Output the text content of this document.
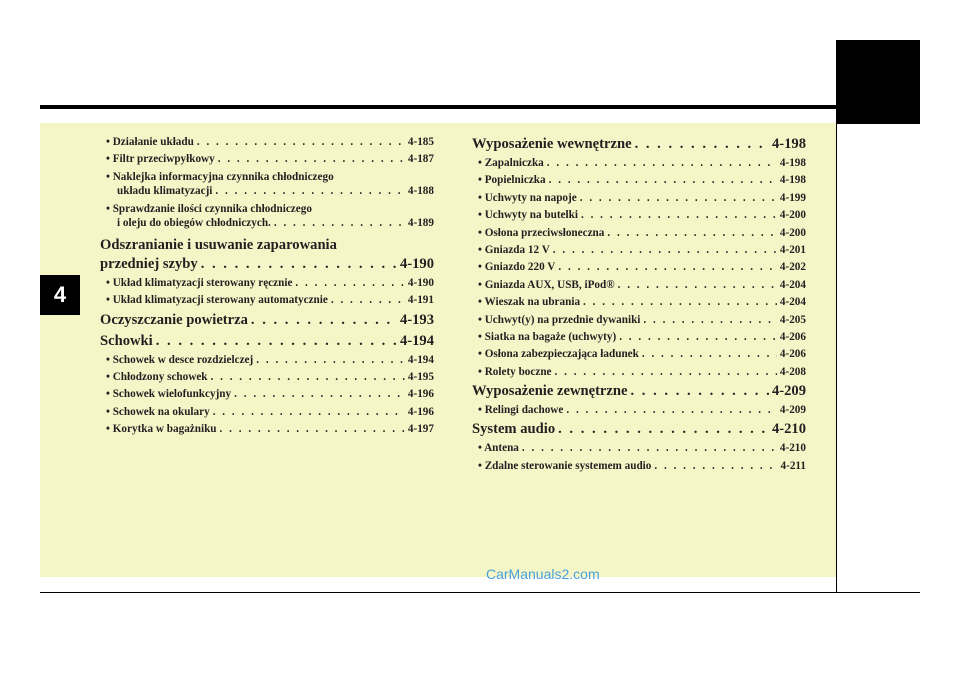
4
• Działanie układu . . .	4-185
• Filtr przeciwpyłkowy . . .	4-187
• Naklejka informacyjna czynnika chłodniczego
układu klimatyzacji . . .	4-188
• Sprawdzanie ilości czynnika chłodniczego
i oleju do obiegów chłodniczych. . . .	4-189
Odszranianie i usuwanie zaparowania
przedniej szyby . . .	4-190
• Układ klimatyzacji sterowany ręcznie . . .	4-190
• Układ klimatyzacji sterowany automatycznie . . .	4-191
Oczyszczanie powietrza . . .	4-193
Schowki . . .	4-194
• Schowek w desce rozdzielczej . . .	4-194
• Chłodzony schowek . . .	4-195
• Schowek wielofunkcyjny . . .	4-196
• Schowek na okulary . . .	4-196
• Korytka w bagażniku . . .	4-197
Wyposażenie wewnętrzne . . .	4-198
• Zapalniczka . . .	4-198
• Popielniczka . . .	4-198
• Uchwyty na napoje . . .	4-199
• Uchwyty na butelki . . .	4-200
• Osłona przeciwsłoneczna . . .	4-200
• Gniazda 12 V . . .	4-201
• Gniazdo 220 V . . .	4-202
• Gniazda AUX, USB, iPod® . . .	4-204
• Wieszak na ubrania . . .	4-204
• Uchwyt(y) na przednie dywaniki . . .	4-205
• Siatka na bagaże (uchwyty) . . .	4-206
• Osłona zabezpieczająca ładunek . . .	4-206
• Rolety boczne . . .	4-208
Wyposażenie zewnętrzne . . .	4-209
• Relingi dachowe . . .	4-209
System audio . . .	4-210
• Antena . . .	4-210
• Zdalne sterowanie systemem audio . . .	4-211
CarManuals2.com
